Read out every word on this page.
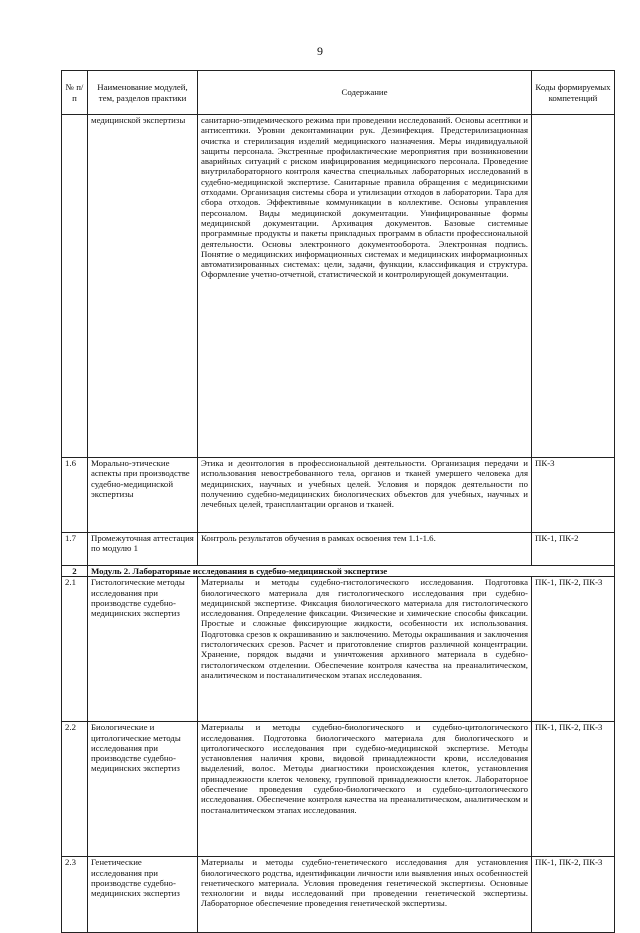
9
№ п/п	Наименование модулей, тем, разделов практики	Содержание	Коды формируемых компетенций
	медицинской экспертизы	санитарно-эпидемического режима при проведении исследований. Основы асептики и антисептики. Уровни деконтаминации рук. Дезинфекция. Предстерилизационная очистка и стерилизация изделий медицинского назначения. Меры индивидуальной защиты персонала. Экстренные профилактические мероприятия при возникновении аварийных ситуаций с риском инфицирования медицинского персонала. Проведение внутрилабораторного контроля качества специальных лабораторных исследований в судебно-медицинской экспертизе. Санитарные правила обращения с медицинскими отходами. Организация системы сбора и утилизации отходов в лаборатории. Тара для сбора отходов. Эффективные коммуникации в коллективе. Основы управления персоналом. Виды медицинской документации. Унифицированные формы медицинской документации. Архивация документов. Базовые системные программные продукты и пакеты прикладных программ в области профессиональной деятельности. Основы электронного документооборота. Электронная подпись. Понятие о медицинских информационных системах и медицинских информационных автоматизированных системах: цели, задачи, функции, классификация и структура. Оформление учетно-отчетной, статистической и контролирующей документации.	
1.6	Морально-этические аспекты при производстве судебно-медицинской экспертизы	Этика и деонтология в профессиональной деятельности. Организация передачи и использования невостребованного тела, органов и тканей умершего человека для медицинских, научных и учебных целей. Условия и порядок деятельности по получению судебно-медицинских биологических объектов для учебных, научных и лечебных целей, трансплантации органов и тканей.	ПК-3
1.7	Промежуточная аттестация по модулю 1	Контроль результатов обучения в рамках освоения тем 1.1-1.6.	ПК-1, ПК-2
2	Модуль 2. Лабораторные исследования в судебно-медицинской экспертизе		
2.1	Гистологические методы исследования при производстве судебно-медицинских экспертиз	Материалы и методы судебно-гистологического исследования. Подготовка биологического материала для гистологического исследования при судебно-медицинской экспертизе. Фиксация биологического материала для гистологического исследования. Определение фиксации. Физические и химические способы фиксации. Простые и сложные фиксирующие жидкости, особенности их использования. Подготовка срезов к окрашиванию и заключению. Методы окрашивания и заключения гистологических срезов. Расчет и приготовление спиртов различной концентрации. Хранение, порядок выдачи и уничтожения архивного материала в судебно-гистологическом отделении. Обеспечение контроля качества на преаналитическом, аналитическом и постаналитическом этапах исследования.	ПК-1, ПК-2, ПК-3
2.2	Биологические и цитологические методы исследования при производстве судебно-медицинских экспертиз	Материалы и методы судебно-биологического и судебно-цитологического исследования. Подготовка биологического материала для биологического и цитологического исследования при судебно-медицинской экспертизе. Методы установления наличия крови, видовой принадлежности крови, исследования выделений, волос. Методы диагностики происхождения клеток, установления принадлежности клеток человеку, групповой принадлежности клеток. Лабораторное обеспечение проведения судебно-биологического и судебно-цитологического исследования. Обеспечение контроля качества на преаналитическом, аналитическом и постаналитическом этапах исследования.	ПК-1, ПК-2, ПК-3
2.3	Генетические исследования при производстве судебно-медицинских экспертиз	Материалы и методы судебно-генетического исследования для установления биологического родства, идентификации личности или выявления иных особенностей генетического материала. Условия проведения генетической экспертизы. Основные технологии и виды исследований при проведении генетической экспертизы. Лабораторное обеспечение проведения генетической экспертизы.	ПК-1, ПК-2, ПК-3
